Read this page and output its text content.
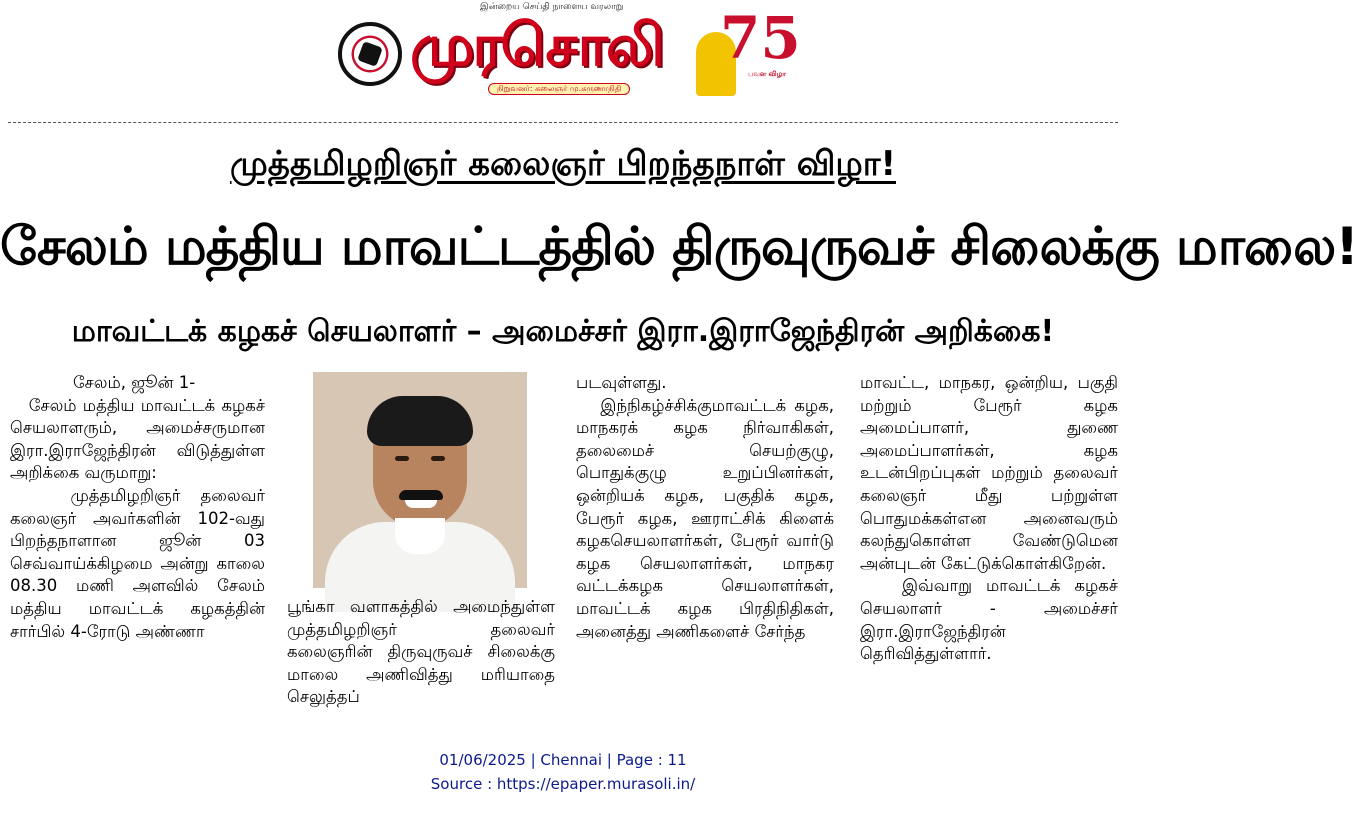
இன்றைய செய்தி நாளைய வரலாறு
முரசொலி
நிறுவனர்: கலைஞர் மு.கருணாநிதி
75
பவள விழா
முத்தமிழறிஞர் கலைஞர் பிறந்தநாள் விழா!
சேலம் மத்திய மாவட்டத்தில் திருவுருவச் சிலைக்கு மாலை!
மாவட்டக் கழகச் செயலாளர் – அமைச்சர் இரா.இராஜேந்திரன் அறிக்கை!
சேலம், ஜூன் 1-
சேலம் மத்திய மாவட்டக் கழகச் செயலாளரும், அமைச்சருமான இரா.இராஜேந்திரன் விடுத்துள்ள அறிக்கை வருமாறு:
முத்தமிழறிஞர் தலைவர் கலைஞர் அவர்களின் 102-வது பிறந்தநாளான ஜூன் 03 செவ்வாய்க்கிழமை அன்று காலை 08.30 மணி அளவில் சேலம் மத்திய மாவட்டக் கழகத்தின் சார்பில் 4-ரோடு அண்ணா
பூங்கா வளாகத்தில் அமைந்துள்ள முத்தமிழறிஞர் தலைவர் கலைஞரின் திருவுருவச் சிலைக்கு மாலை அணிவித்து மரியாதை செலுத்தப்
படவுள்ளது.
இந்நிகழ்ச்சிக்குமாவட்டக் கழக, மாநகரக் கழக நிர்வாகிகள், தலைமைச் செயற்குழு, பொதுக்குழு உறுப்பினர்கள், ஒன்றியக் கழக, பகுதிக் கழக, பேரூர் கழக, ஊராட்சிக் கிளைக் கழகசெயலாளர்கள், பேரூர் வார்டு கழக செயலாளர்கள், மாநகர வட்டக்கழக செயலாளர்கள், மாவட்டக் கழக பிரதிநிதிகள், அனைத்து அணிகளைச் சேர்ந்த
மாவட்ட, மாநகர, ஒன்றிய, பகுதி மற்றும் பேரூர் கழக அமைப்பாளர், துணை அமைப்பாளர்கள், கழக உடன்பிறப்புகள் மற்றும் தலைவர் கலைஞர் மீது பற்றுள்ள பொதுமக்கள்என அனைவரும் கலந்துகொள்ள வேண்டுமென அன்புடன் கேட்டுக்கொள்கிறேன்.
இவ்வாறு மாவட்டக் கழகச் செயலாளர் - அமைச்சர் இரா.இராஜேந்திரன் தெரிவித்துள்ளார்.
01/06/2025 | Chennai | Page : 11
Source : https://epaper.murasoli.in/
